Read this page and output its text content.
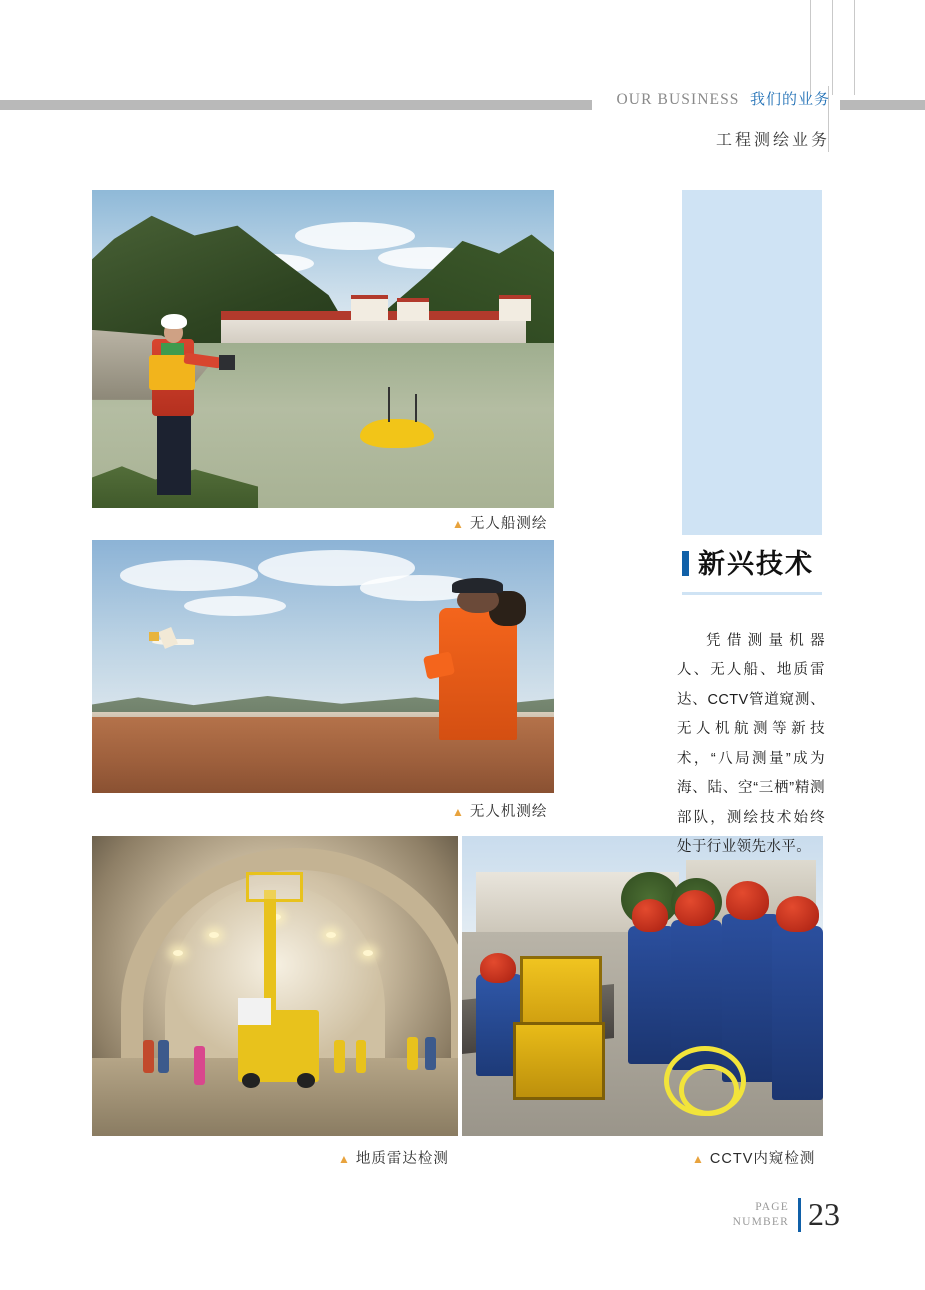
OUR BUSINESS 我们的业务
工程测绘业务
▲ 无人船测绘
▲ 无人机测绘
▲ 地质雷达检测	▲ CCTV内窥检测
新兴技术

凭借测量机器人、无人船、地质雷达、CCTV管道窥测、无人机航测等新技术，“八局测量”成为海、陆、空“三栖”精测部队，测绘技术始终处于行业领先水平。

PAGE
NUMBER 23
